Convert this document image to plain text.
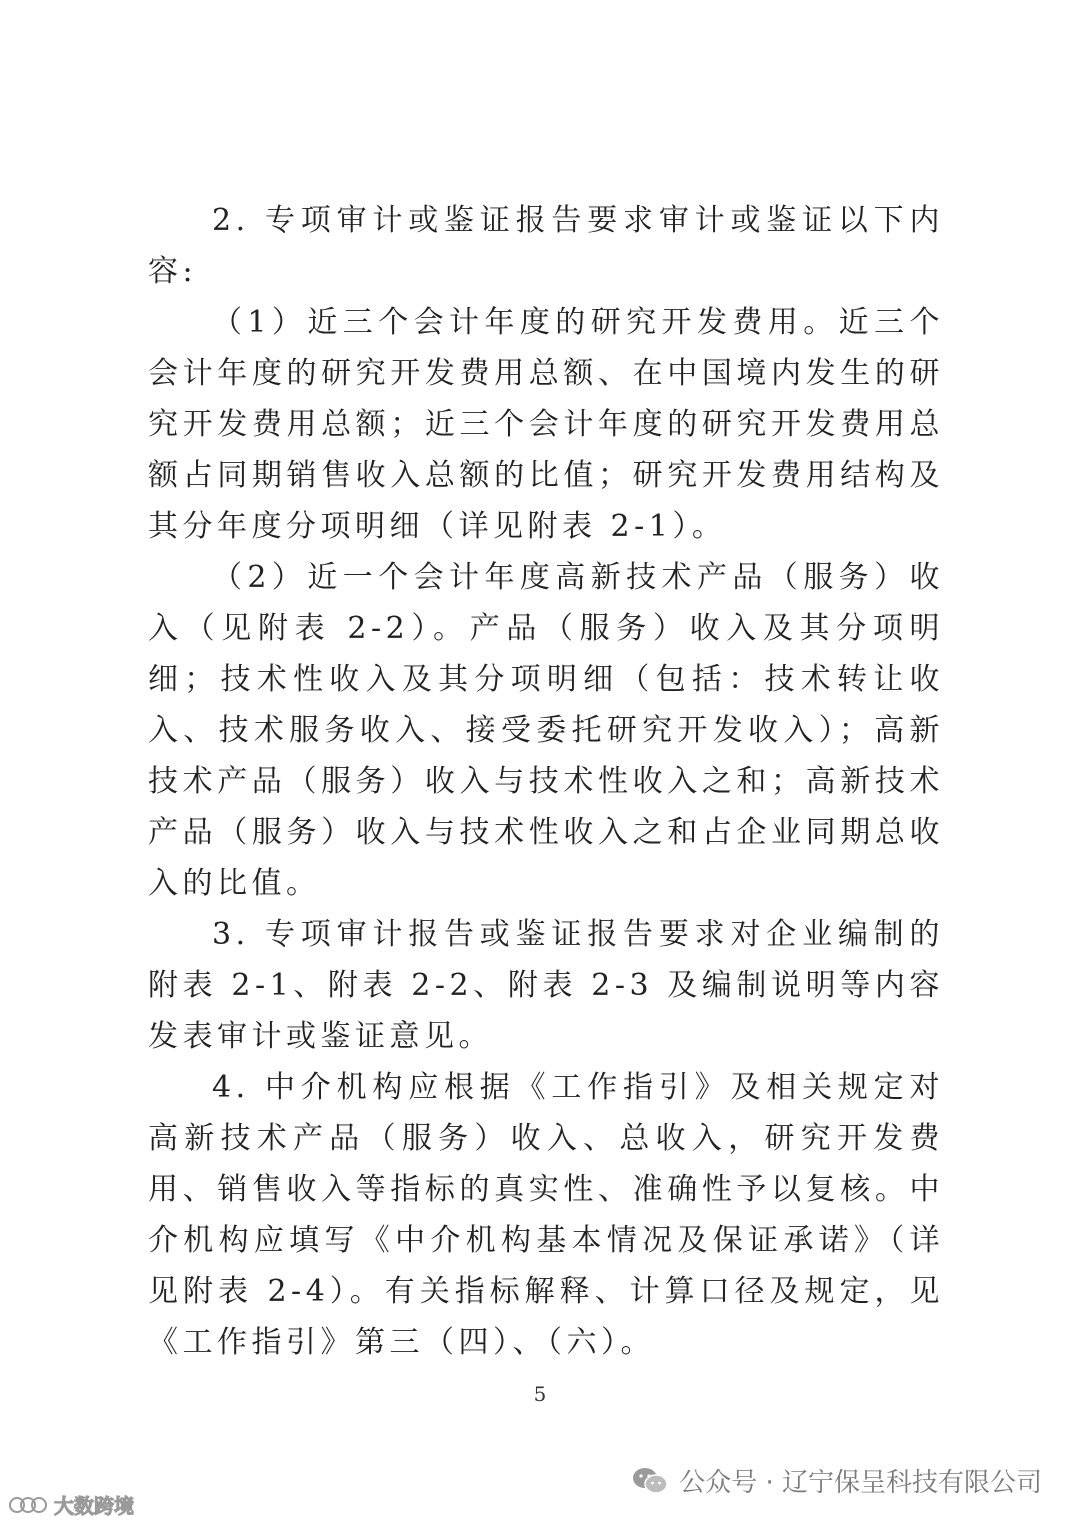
2. 专项审计或鉴证报告要求审计或鉴证以下内容:

（1）近三个会计年度的研究开发费用。近三个会计年度的研究开发费用总额、在中国境内发生的研究开发费用总额；近三个会计年度的研究开发费用总额占同期销售收入总额的比值；研究开发费用结构及其分年度分项明细（详见附表 2-1）。

（2）近一个会计年度高新技术产品（服务）收入（见附表 2-2）。产品（服务）收入及其分项明细；技术性收入及其分项明细（包括：技术转让收入、技术服务收入、接受委托研究开发收入）；高新技术产品（服务）收入与技术性收入之和；高新技术产品（服务）收入与技术性收入之和占企业同期总收入的比值。

3. 专项审计报告或鉴证报告要求对企业编制的附表 2-1、附表 2-2、附表 2-3 及编制说明等内容发表审计或鉴证意见。

4. 中介机构应根据《工作指引》及相关规定对高新技术产品（服务）收入、总收入，研究开发费用、销售收入等指标的真实性、准确性予以复核。中介机构应填写《中介机构基本情况及保证承诺》（详见附表 2-4）。有关指标解释、计算口径及规定，见《工作指引》第三（四）、（六）。

5
公众号 · 辽宁保呈科技有限公司
大数跨境
